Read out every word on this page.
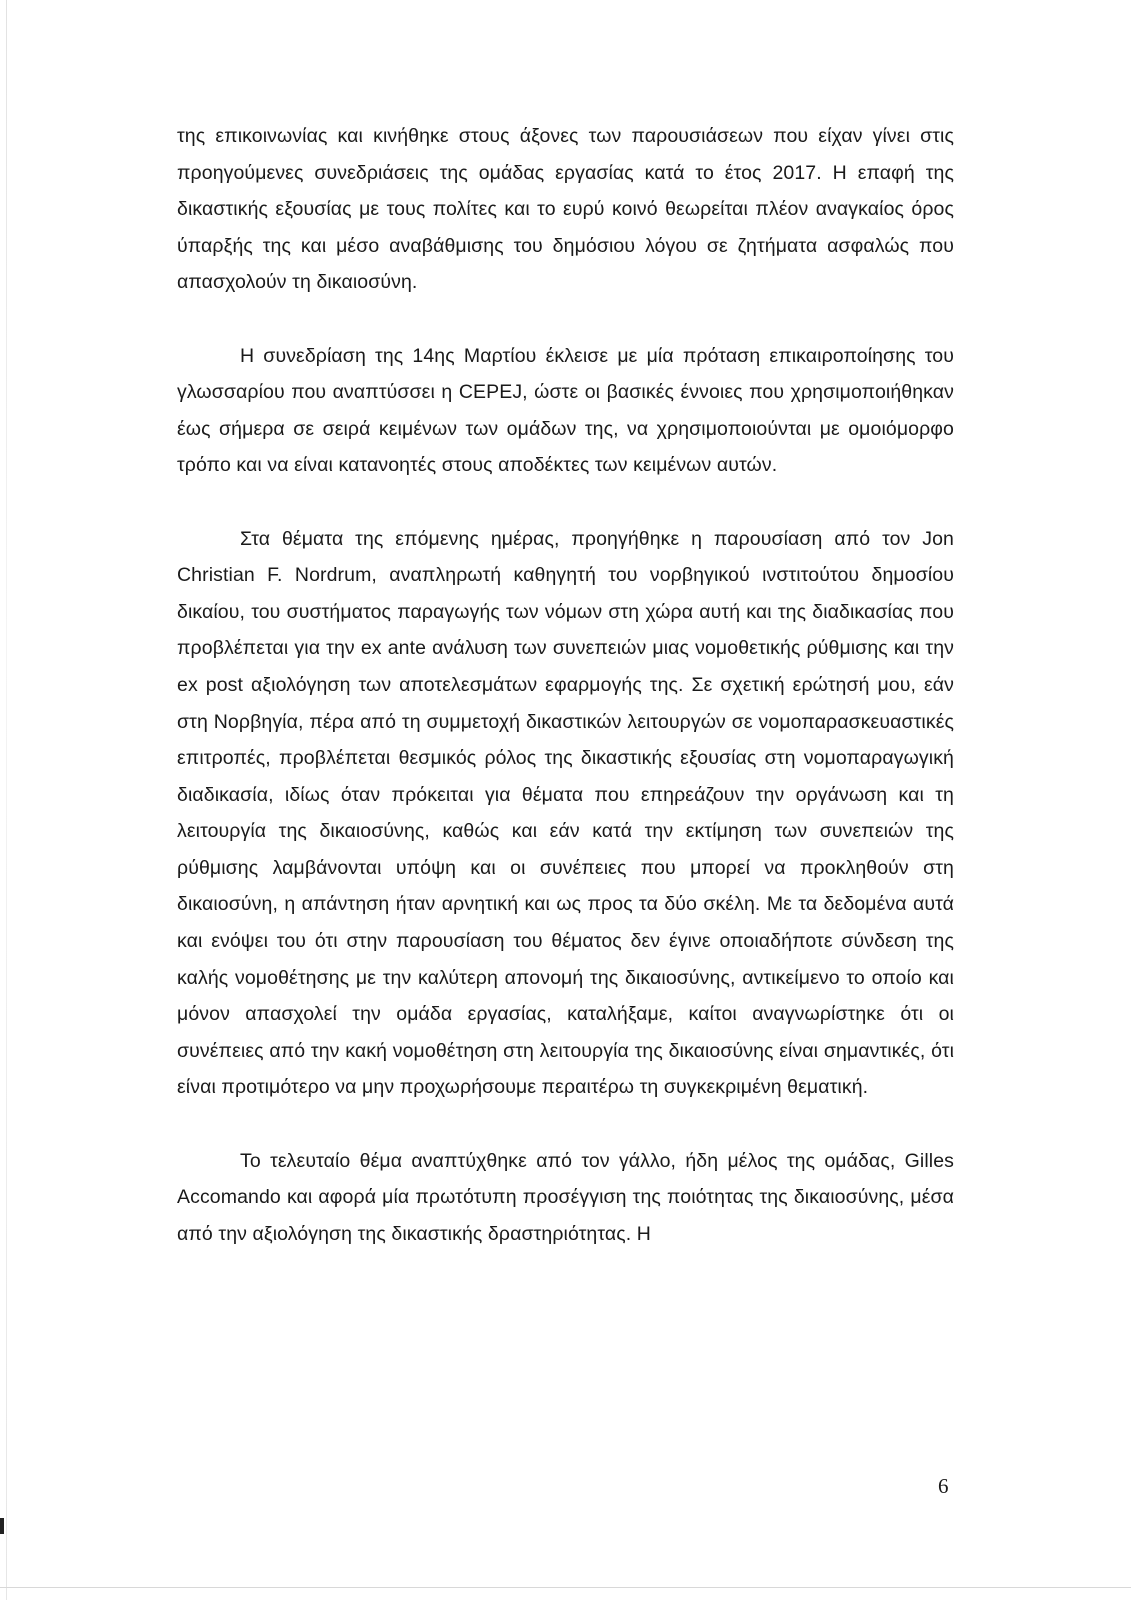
της επικοινωνίας και κινήθηκε στους άξονες των παρουσιάσεων που είχαν γίνει στις προηγούμενες συνεδριάσεις της ομάδας εργασίας κατά το έτος 2017. Η επαφή της δικαστικής εξουσίας με τους πολίτες και το ευρύ κοινό θεωρείται πλέον αναγκαίος όρος ύπαρξής της και μέσο αναβάθμισης του δημόσιου λόγου σε ζητήματα ασφαλώς που απασχολούν τη δικαιοσύνη.

Η συνεδρίαση της 14ης Μαρτίου έκλεισε με μία πρόταση επικαιροποίησης του γλωσσαρίου που αναπτύσσει η CEPEJ, ώστε οι βασικές έννοιες που χρησιμοποιήθηκαν έως σήμερα σε σειρά κειμένων των ομάδων της, να χρησιμοποιούνται με ομοιόμορφο τρόπο και να είναι κατανοητές στους αποδέκτες των κειμένων αυτών.

Στα θέματα της επόμενης ημέρας, προηγήθηκε η παρουσίαση από τον Jon Christian F. Nordrum, αναπληρωτή καθηγητή του νορβηγικού ινστιτούτου δημοσίου δικαίου, του συστήματος παραγωγής των νόμων στη χώρα αυτή και της διαδικασίας που προβλέπεται για την ex ante ανάλυση των συνεπειών μιας νομοθετικής ρύθμισης και την ex post αξιολόγηση των αποτελεσμάτων εφαρμογής της. Σε σχετική ερώτησή μου, εάν στη Νορβηγία, πέρα από τη συμμετοχή δικαστικών λειτουργών σε νομοπαρασκευαστικές επιτροπές, προβλέπεται θεσμικός ρόλος της δικαστικής εξουσίας στη νομοπαραγωγική διαδικασία, ιδίως όταν πρόκειται για θέματα που επηρεάζουν την οργάνωση και τη λειτουργία της δικαιοσύνης, καθώς και εάν κατά την εκτίμηση των συνεπειών της ρύθμισης λαμβάνονται υπόψη και οι συνέπειες που μπορεί να προκληθούν στη δικαιοσύνη, η απάντηση ήταν αρνητική και ως προς τα δύο σκέλη. Με τα δεδομένα αυτά και ενόψει του ότι στην παρουσίαση του θέματος δεν έγινε οποιαδήποτε σύνδεση της καλής νομοθέτησης με την καλύτερη απονομή της δικαιοσύνης, αντικείμενο το οποίο και μόνον απασχολεί την ομάδα εργασίας, καταλήξαμε, καίτοι αναγνωρίστηκε ότι οι συνέπειες από την κακή νομοθέτηση στη λειτουργία της δικαιοσύνης είναι σημαντικές, ότι είναι προτιμότερο να μην προχωρήσουμε περαιτέρω τη συγκεκριμένη θεματική.

Το τελευταίο θέμα αναπτύχθηκε από τον γάλλο, ήδη μέλος της ομάδας, Gilles Accomando και αφορά μία πρωτότυπη προσέγγιση της ποιότητας της δικαιοσύνης, μέσα από την αξιολόγηση της δικαστικής δραστηριότητας. Η

6
